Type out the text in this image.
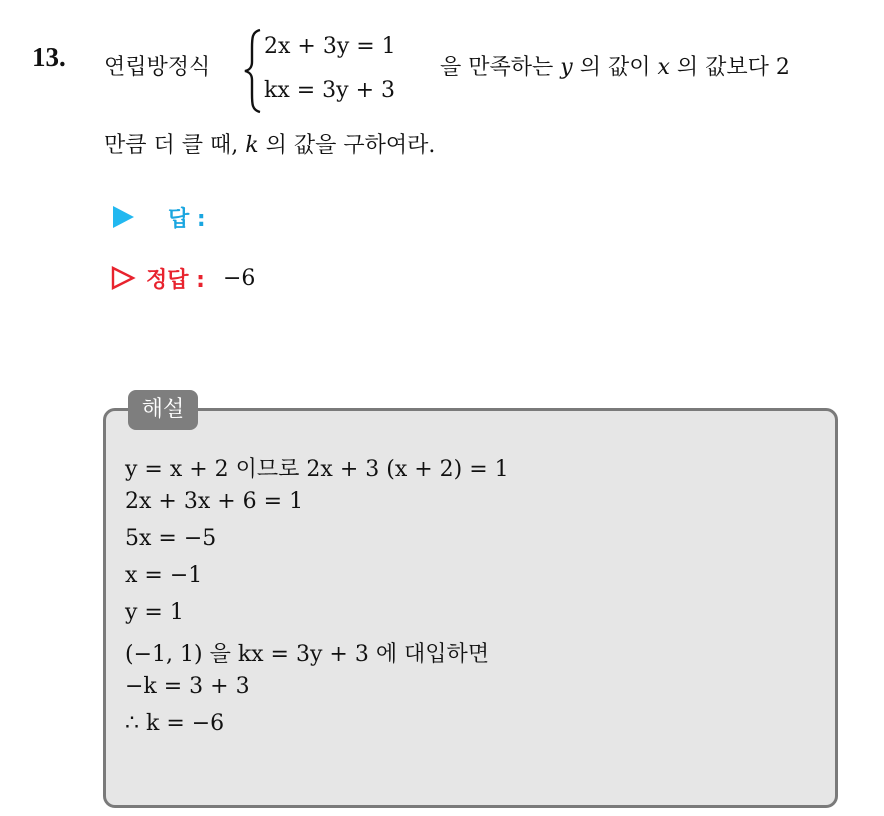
13. 연립방정식
2x + 3y = 1
kx = 3y + 3
을 만족하는 y 의 값이 x 의 값보다 2
만큼 더 클 때, k 의 값을 구하여라.
답 :
정답 : −6
해설
y = x + 2 이므로 2x + 3 (x + 2) = 1
2x + 3x + 6 = 1
5x = −5
x = −1
y = 1
(−1, 1) 을 kx = 3y + 3 에 대입하면
−k = 3 + 3
∴ k = −6
